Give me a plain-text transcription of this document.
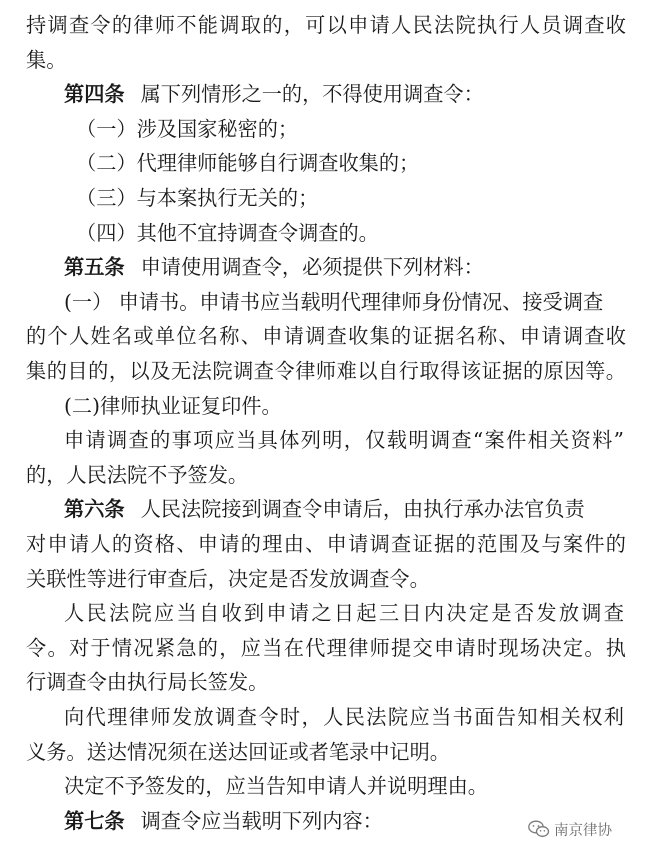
持调查令的律师不能调取的，可以申请人民法院执行人员调查收
集。
第四条 属下列情形之一的，不得使用调查令：
（一）涉及国家秘密的；
（二）代理律师能够自行调查收集的；
（三）与本案执行无关的；
（四）其他不宜持调查令调查的。
第五条 申请使用调查令，必须提供下列材料：
(一） 申请书。申请书应当载明代理律师身份情况、接受调查
的个人姓名或单位名称、申请调查收集的证据名称、申请调查收
集的目的，以及无法院调查令律师难以自行取得该证据的原因等。
(二)律师执业证复印件。
申请调查的事项应当具体列明，仅载明调查“案件相关资料”
的，人民法院不予签发。
第六条 人民法院接到调查令申请后，由执行承办法官负责
对申请人的资格、申请的理由、申请调查证据的范围及与案件的
关联性等进行审查后，决定是否发放调查令。
人民法院应当自收到申请之日起三日内决定是否发放调查
令。对于情况紧急的，应当在代理律师提交申请时现场决定。执
行调查令由执行局长签发。
向代理律师发放调查令时，人民法院应当书面告知相关权利
义务。送达情况须在送达回证或者笔录中记明。
决定不予签发的，应当告知申请人并说明理由。
第七条 调查令应当载明下列内容：	南京律协
